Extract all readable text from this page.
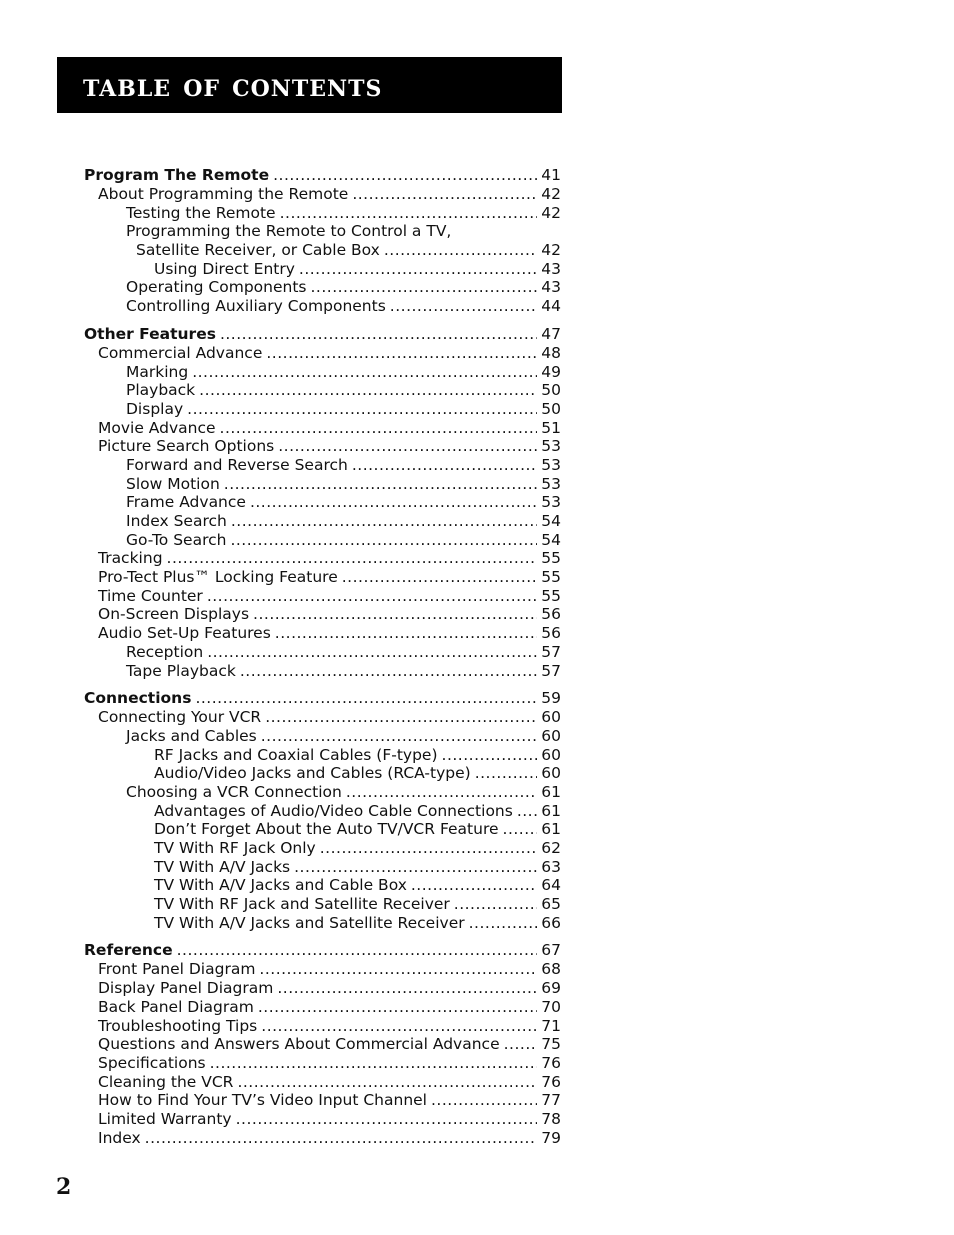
table of contents
Program The Remote .....	41
About Programming the Remote .....	42
Testing the Remote .....	42
Programming the Remote to Control a TV,
Satellite Receiver, or Cable Box .....	42
Using Direct Entry .....	43
Operating Components .....	43
Controlling Auxiliary Components .....	44
Other Features .....	47
Commercial Advance .....	48
Marking .....	49
Playback .....	50
Display .....	50
Movie Advance .....	51
Picture Search Options .....	53
Forward and Reverse Search .....	53
Slow Motion .....	53
Frame Advance .....	53
Index Search .....	54
Go-To Search .....	54
Tracking .....	55
Pro-Tect Plus™ Locking Feature .....	55
Time Counter .....	55
On-Screen Displays .....	56
Audio Set-Up Features .....	56
Reception .....	57
Tape Playback .....	57
Connections .....	59
Connecting Your VCR .....	60
Jacks and Cables .....	60
RF Jacks and Coaxial Cables (F-type) .....	60
Audio/Video Jacks and Cables (RCA-type) .....	60
Choosing a VCR Connection .....	61
Advantages of Audio/Video Cable Connections ..... 61
Don’t Forget About the Auto TV/VCR Feature .....	61
TV With RF Jack Only .....	62
TV With A/V Jacks .....	63
TV With A/V Jacks and Cable Box .....	64
TV With RF Jack and Satellite Receiver .....	65
TV With A/V Jacks and Satellite Receiver .....	66
Reference .....	67
Front Panel Diagram .....	68
Display Panel Diagram .....	69
Back Panel Diagram .....	70
Troubleshooting Tips .....	71
Questions and Answers About Commercial Advance .....	75
Specifications .....	76
Cleaning the VCR .....	76
How to Find Your TV’s Video Input Channel .....	77
Limited Warranty .....	78
Index .....	79
2
